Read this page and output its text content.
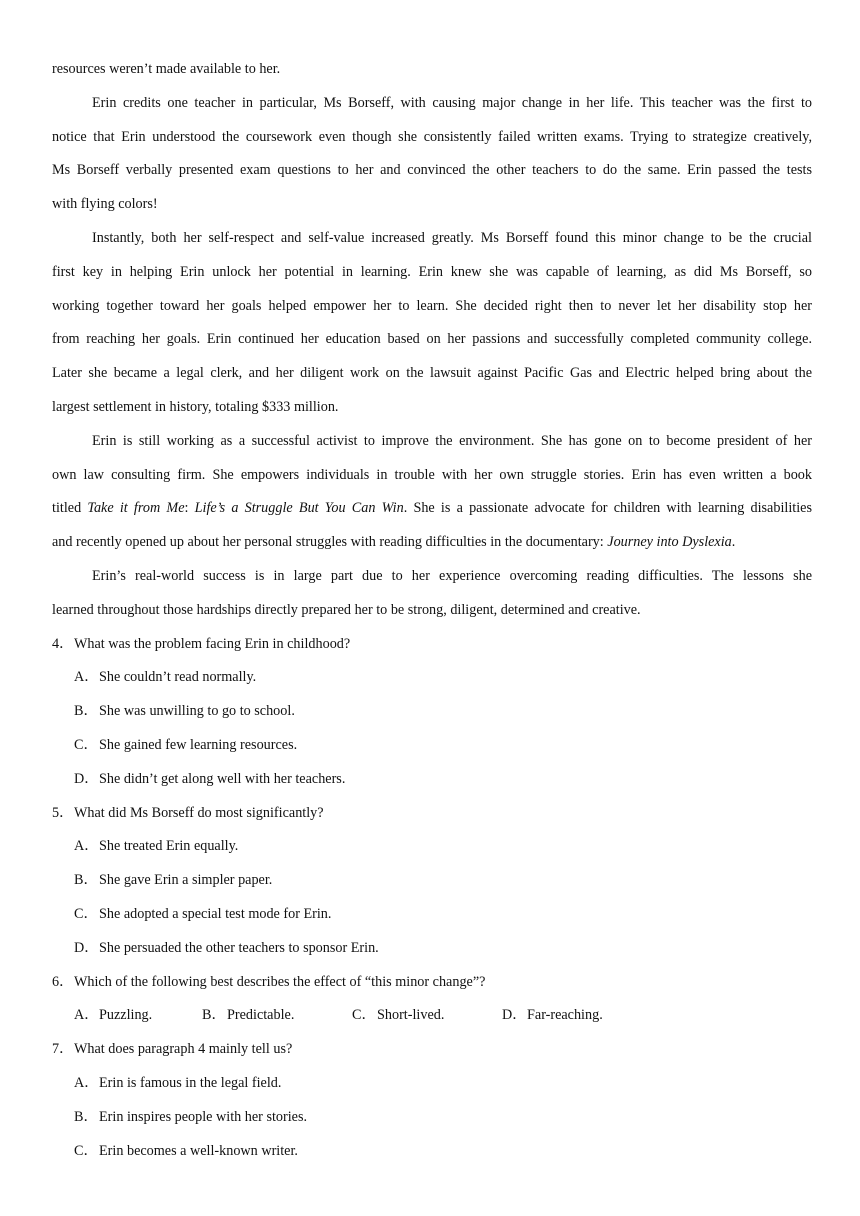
resources weren’t made available to her.
Erin credits one teacher in particular, Ms Borseff, with causing major change in her life. This teacher was the first to
notice that Erin understood the coursework even though she consistently failed written exams. Trying to strategize creatively,
Ms Borseff verbally presented exam questions to her and convinced the other teachers to do the same. Erin passed the tests
with flying colors!
Instantly, both her self-respect and self-value increased greatly. Ms Borseff found this minor change to be the crucial
first key in helping Erin unlock her potential in learning. Erin knew she was capable of learning, as did Ms Borseff, so
working together toward her goals helped empower her to learn. She decided right then to never let her disability stop her
from reaching her goals. Erin continued her education based on her passions and successfully completed community college.
Later she became a legal clerk, and her diligent work on the lawsuit against Pacific Gas and Electric helped bring about the
largest settlement in history, totaling $333 million.
Erin is still working as a successful activist to improve the environment. She has gone on to become president of her
own law consulting firm. She empowers individuals in trouble with her own struggle stories. Erin has even written a book
titled Take it from Me: Life’s a Struggle But You Can Win. She is a passionate advocate for children with learning disabilities
and recently opened up about her personal struggles with reading difficulties in the documentary: Journey into Dyslexia.
Erin’s real-world success is in large part due to her experience overcoming reading difficulties. The lessons she
learned throughout those hardships directly prepared her to be strong, diligent, determined and creative.
4．What was the problem facing Erin in childhood?
A．She couldn’t read normally.
B．She was unwilling to go to school.
C．She gained few learning resources.
D．She didn’t get along well with her teachers.
5．What did Ms Borseff do most significantly?
A．She treated Erin equally.
B．She gave Erin a simpler paper.
C．She adopted a special test mode for Erin.
D．She persuaded the other teachers to sponsor Erin.
6．Which of the following best describes the effect of “this minor change”?
A．Puzzling.	B．Predictable.	C．Short-lived.	D．Far-reaching.
7．What does paragraph 4 mainly tell us?
A．Erin is famous in the legal field.
B．Erin inspires people with her stories.
C．Erin becomes a well-known writer.
